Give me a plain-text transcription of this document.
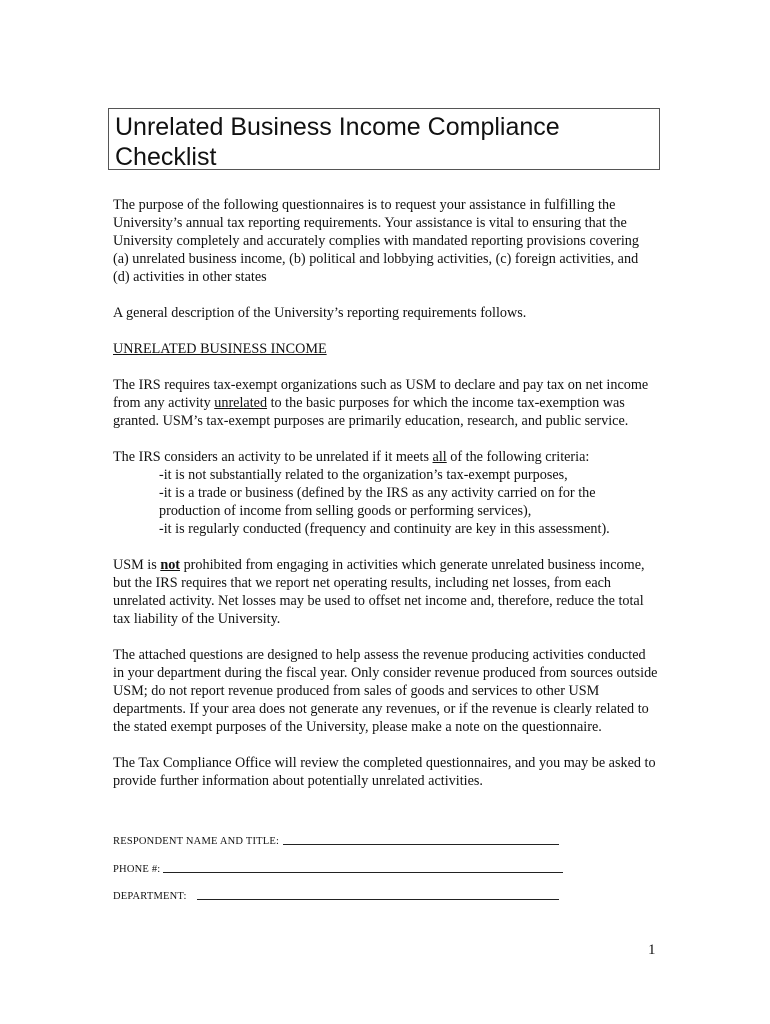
Unrelated Business Income Compliance Checklist

The purpose of the following questionnaires is to request your assistance in fulfilling the University’s annual tax reporting requirements. Your assistance is vital to ensuring that the University completely and accurately complies with mandated reporting provisions covering (a) unrelated business income, (b) political and lobbying activities, (c) foreign activities, and (d) activities in other states

A general description of the University’s reporting requirements follows.

UNRELATED BUSINESS INCOME

The IRS requires tax-exempt organizations such as USM to declare and pay tax on net income from any activity unrelated to the basic purposes for which the income tax-exemption was granted. USM’s tax-exempt purposes are primarily education, research, and public service.

The IRS considers an activity to be unrelated if it meets all of the following criteria:
-it is not substantially related to the organization’s tax-exempt purposes,
-it is a trade or business (defined by the IRS as any activity carried on for the production of income from selling goods or performing services),
-it is regularly conducted (frequency and continuity are key in this assessment).

USM is not prohibited from engaging in activities which generate unrelated business income, but the IRS requires that we report net operating results, including net losses, from each unrelated activity. Net losses may be used to offset net income and, therefore, reduce the total tax liability of the University.

The attached questions are designed to help assess the revenue producing activities conducted in your department during the fiscal year. Only consider revenue produced from sources outside USM; do not report revenue produced from sales of goods and services to other USM departments. If your area does not generate any revenues, or if the revenue is clearly related to the stated exempt purposes of the University, please make a note on the questionnaire.

The Tax Compliance Office will review the completed questionnaires, and you may be asked to provide further information about potentially unrelated activities.

RESPONDENT NAME AND TITLE:
PHONE #:
DEPARTMENT:
1
